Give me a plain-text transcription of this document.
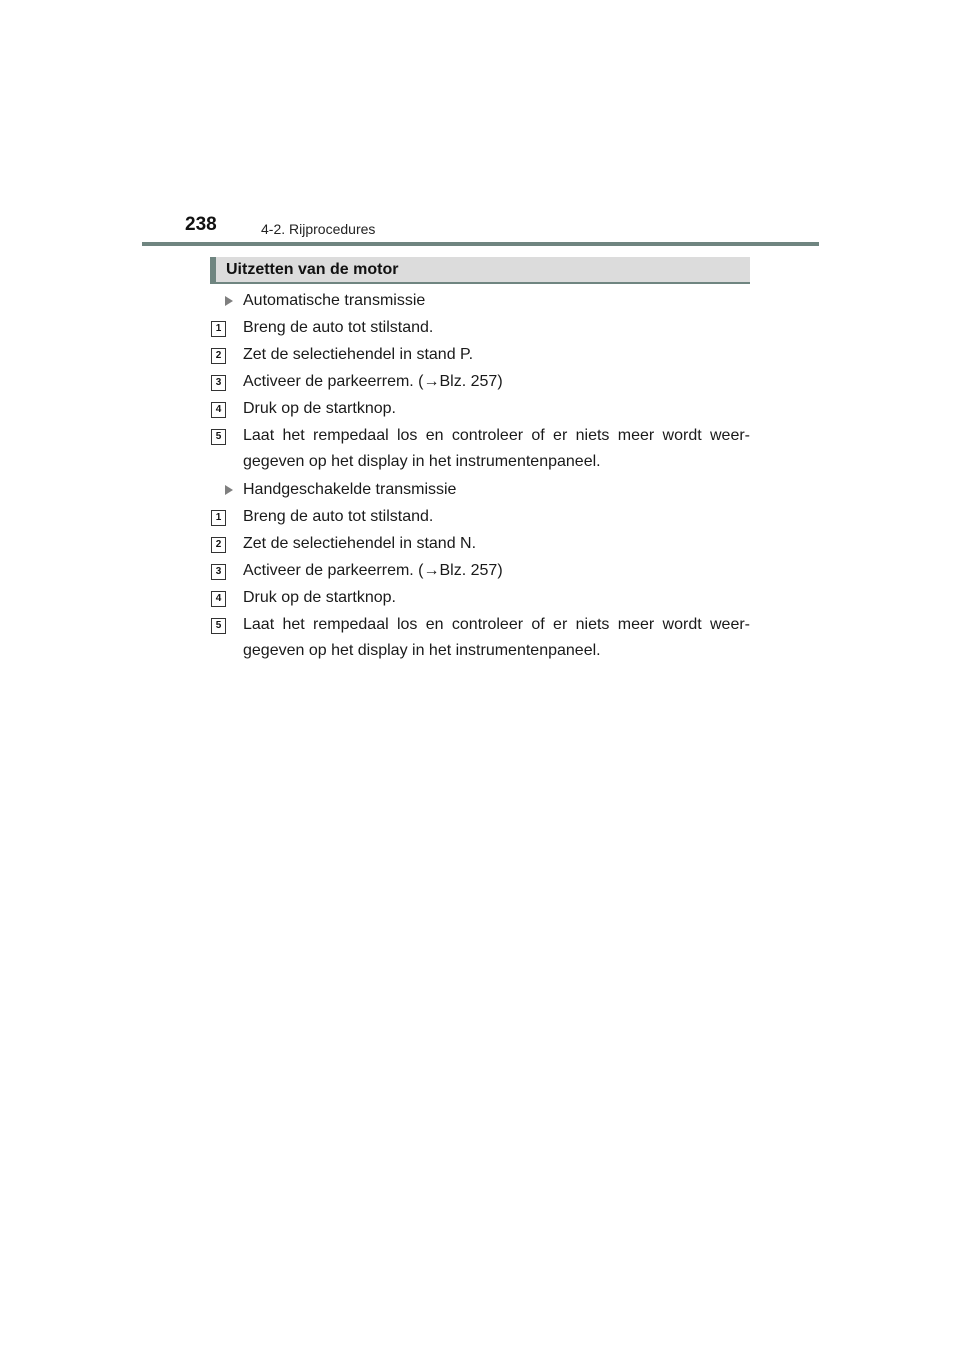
238	4-2. Rijprocedures
Uitzetten van de motor
Automatische transmissie
1 Breng de auto tot stilstand.
2 Zet de selectiehendel in stand P.
3 Activeer de parkeerrem. (→Blz. 257)
4 Druk op de startknop.
5 Laat het rempedaal los en controleer of er niets meer wordt weer-gegeven op het display in het instrumentenpaneel.
Handgeschakelde transmissie
1 Breng de auto tot stilstand.
2 Zet de selectiehendel in stand N.
3 Activeer de parkeerrem. (→Blz. 257)
4 Druk op de startknop.
5 Laat het rempedaal los en controleer of er niets meer wordt weer-gegeven op het display in het instrumentenpaneel.
